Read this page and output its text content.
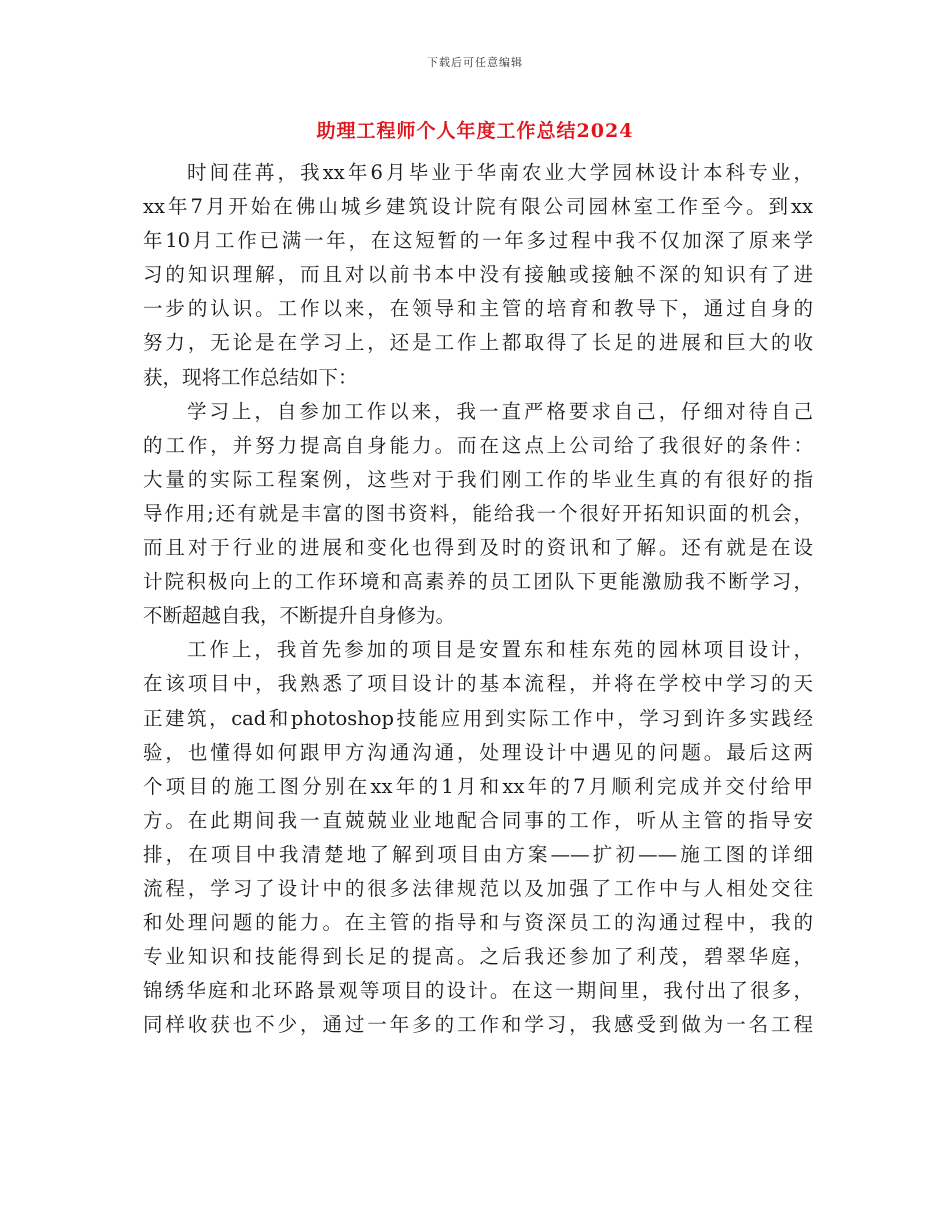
下载后可任意编辑
助理工程师个人年度工作总结2024
时间荏苒，我xx年6月毕业于华南农业大学园林设计本科专业，
xx年7月开始在佛山城乡建筑设计院有限公司园林室工作至今。到xx
年10月工作已满一年，在这短暂的一年多过程中我不仅加深了原来学
习的知识理解，而且对以前书本中没有接触或接触不深的知识有了进
一步的认识。工作以来，在领导和主管的培育和教导下，通过自身的
努力，无论是在学习上，还是工作上都取得了长足的进展和巨大的收
获，现将工作总结如下：
学习上，自参加工作以来，我一直严格要求自己，仔细对待自己
的工作，并努力提高自身能力。而在这点上公司给了我很好的条件：
大量的实际工程案例，这些对于我们刚工作的毕业生真的有很好的指
导作用;还有就是丰富的图书资料，能给我一个很好开拓知识面的机会，
而且对于行业的进展和变化也得到及时的资讯和了解。还有就是在设
计院积极向上的工作环境和高素养的员工团队下更能激励我不断学习，
不断超越自我，不断提升自身修为。
工作上，我首先参加的项目是安置东和桂东苑的园林项目设计，
在该项目中，我熟悉了项目设计的基本流程，并将在学校中学习的天
正建筑，cad和photoshop技能应用到实际工作中，学习到许多实践经
验，也懂得如何跟甲方沟通沟通，处理设计中遇见的问题。最后这两
个项目的施工图分别在xx年的1月和xx年的7月顺利完成并交付给甲
方。在此期间我一直兢兢业业地配合同事的工作，听从主管的指导安
排，在项目中我清楚地了解到项目由方案——扩初——施工图的详细
流程，学习了设计中的很多法律规范以及加强了工作中与人相处交往
和处理问题的能力。在主管的指导和与资深员工的沟通过程中，我的
专业知识和技能得到长足的提高。之后我还参加了利茂，碧翠华庭，
锦绣华庭和北环路景观等项目的设计。在这一期间里，我付出了很多，
同样收获也不少，通过一年多的工作和学习，我感受到做为一名工程
